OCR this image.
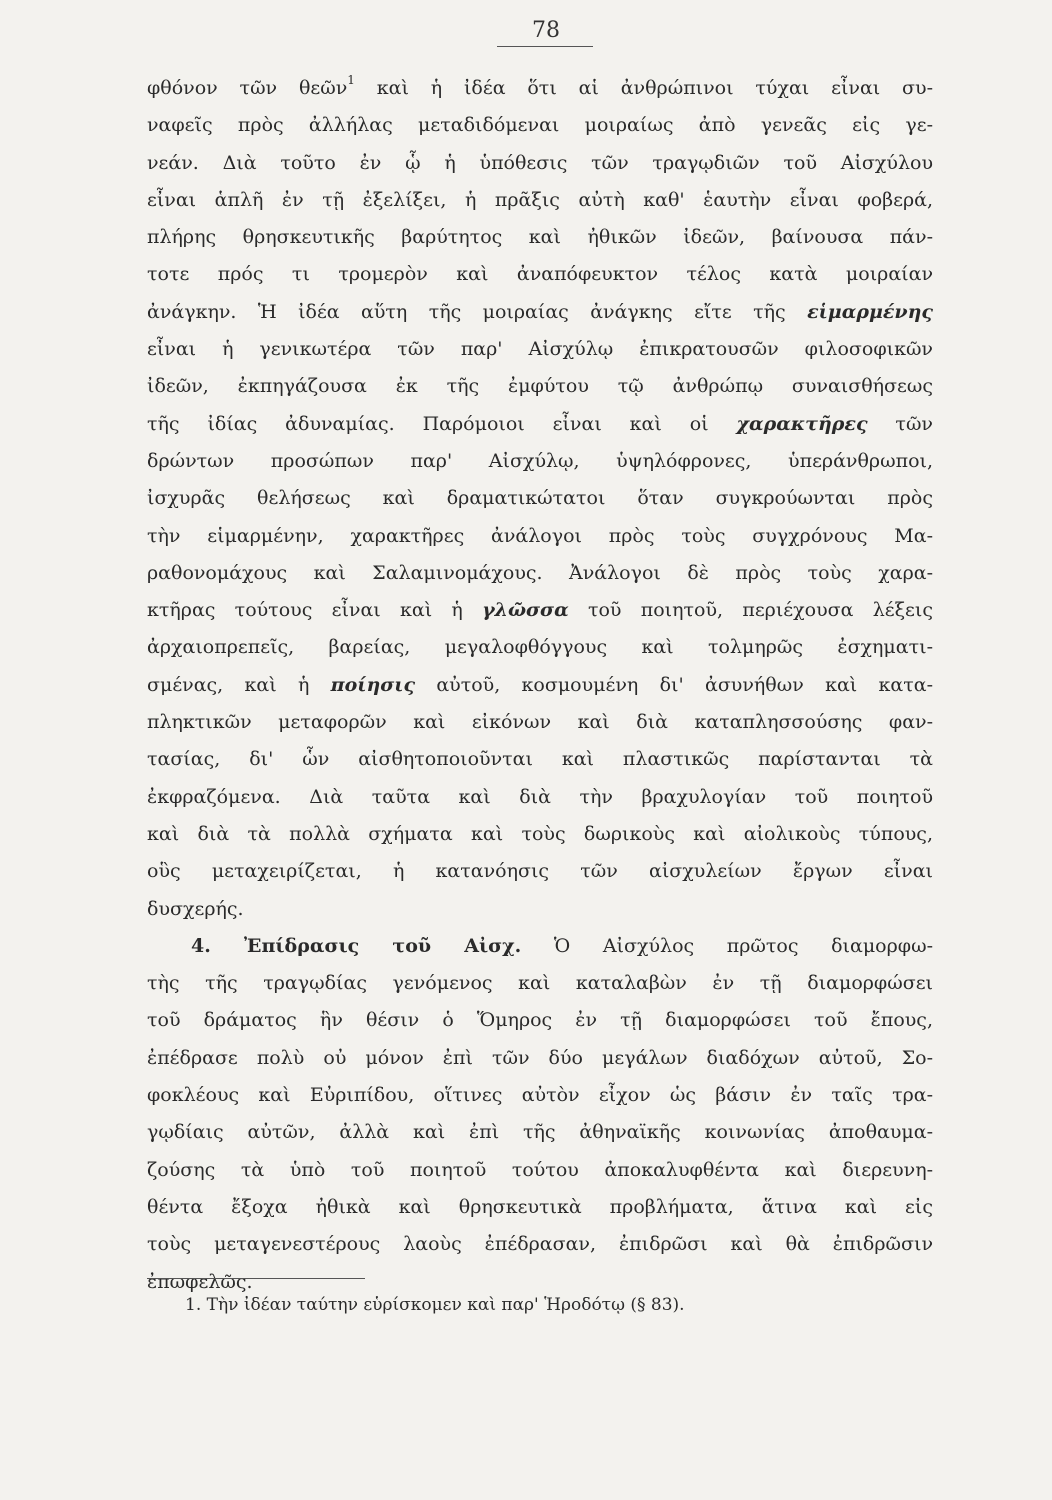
78
φθόνον τῶν θεῶν$^1$ καὶ ἡ ἰδέα ὅτι αἱ ἀνθρώπινοι τύχαι εἶναι συ-
ναφεῖς πρὸς ἀλλήλας μεταδιδόμεναι μοιραίως ἀπὸ γενεᾶς εἰς γε-
νεάν. Διὰ τοῦτο ἐν ᾧ ἡ ὑπόθεσις τῶν τραγῳδιῶν τοῦ Αἰσχύλου
εἶναι ἁπλῆ ἐν τῇ ἐξελίξει, ἡ πρᾶξις αὐτὴ καθ' ἑαυτὴν εἶναι φοβερά,
πλήρης θρησκευτικῆς βαρύτητος καὶ ἠθικῶν ἰδεῶν, βαίνουσα πάν-
τοτε πρός τι τρομερὸν καὶ ἀναπόφευκτον τέλος κατὰ μοιραίαν
ἀνάγκην. Ἡ ἰδέα αὕτη τῆς μοιραίας ἀνάγκης εἴτε τῆς εἱμαρμένης
εἶναι ἡ γενικωτέρα τῶν παρ' Αἰσχύλῳ ἐπικρατουσῶν φιλοσοφικῶν
ἰδεῶν, ἐκπηγάζουσα ἐκ τῆς ἐμφύτου τῷ ἀνθρώπῳ συναισθήσεως
τῆς ἰδίας ἀδυναμίας. Παρόμοιοι εἶναι καὶ οἱ χαρακτῆρες τῶν
δρώντων προσώπων παρ' Αἰσχύλῳ, ὑψηλόφρονες, ὑπεράνθρωποι,
ἰσχυρᾶς θελήσεως καὶ δραματικώτατοι ὅταν συγκρούωνται πρὸς
τὴν εἱμαρμένην, χαρακτῆρες ἀνάλογοι πρὸς τοὺς συγχρόνους Μα-
ραθονομάχους καὶ Σαλαμινομάχους. Ἀνάλογοι δὲ πρὸς τοὺς χαρα-
κτῆρας τούτους εἶναι καὶ ἡ γλῶσσα τοῦ ποιητοῦ, περιέχουσα λέξεις
ἀρχαιοπρεπεῖς, βαρείας, μεγαλοφθόγγους καὶ τολμηρῶς ἐσχηματι-
σμένας, καὶ ἡ ποίησις αὐτοῦ, κοσμουμένη δι' ἀσυνήθων καὶ κατα-
πληκτικῶν μεταφορῶν καὶ εἰκόνων καὶ διὰ καταπλησσούσης φαν-
τασίας, δι' ὧν αἰσθητοποιοῦνται καὶ πλαστικῶς παρίστανται τὰ
ἐκφραζόμενα. Διὰ ταῦτα καὶ διὰ τὴν βραχυλογίαν τοῦ ποιητοῦ
καὶ διὰ τὰ πολλὰ σχήματα καὶ τοὺς δωρικοὺς καὶ αἰολικοὺς τύπους,
οὓς μεταχειρίζεται, ἡ κατανόησις τῶν αἰσχυλείων ἔργων εἶναι
δυσχερής.
4. Ἐπίδρασις τοῦ Αἰσχ. Ὁ Αἰσχύλος πρῶτος διαμορφω-
τὴς τῆς τραγῳδίας γενόμενος καὶ καταλαβὼν ἐν τῇ διαμορφώσει
τοῦ δράματος ἣν θέσιν ὁ Ὅμηρος ἐν τῇ διαμορφώσει τοῦ ἔπους,
ἐπέδρασε πολὺ οὐ μόνον ἐπὶ τῶν δύο μεγάλων διαδόχων αὐτοῦ, Σο-
φοκλέους καὶ Εὐριπίδου, οἵτινες αὐτὸν εἶχον ὡς βάσιν ἐν ταῖς τρα-
γῳδίαις αὐτῶν, ἀλλὰ καὶ ἐπὶ τῆς ἀθηναϊκῆς κοινωνίας ἀποθαυμα-
ζούσης τὰ ὑπὸ τοῦ ποιητοῦ τούτου ἀποκαλυφθέντα καὶ διερευνη-
θέντα ἔξοχα ἠθικὰ καὶ θρησκευτικὰ προβλήματα, ἅτινα καὶ εἰς
τοὺς μεταγενεστέρους λαοὺς ἐπέδρασαν, ἐπιδρῶσι καὶ θὰ ἐπιδρῶσιν
ἐπωφελῶς.
1. Τὴν ἰδέαν ταύτην εὑρίσκομεν καὶ παρ' Ἡροδότῳ (§ 83).
